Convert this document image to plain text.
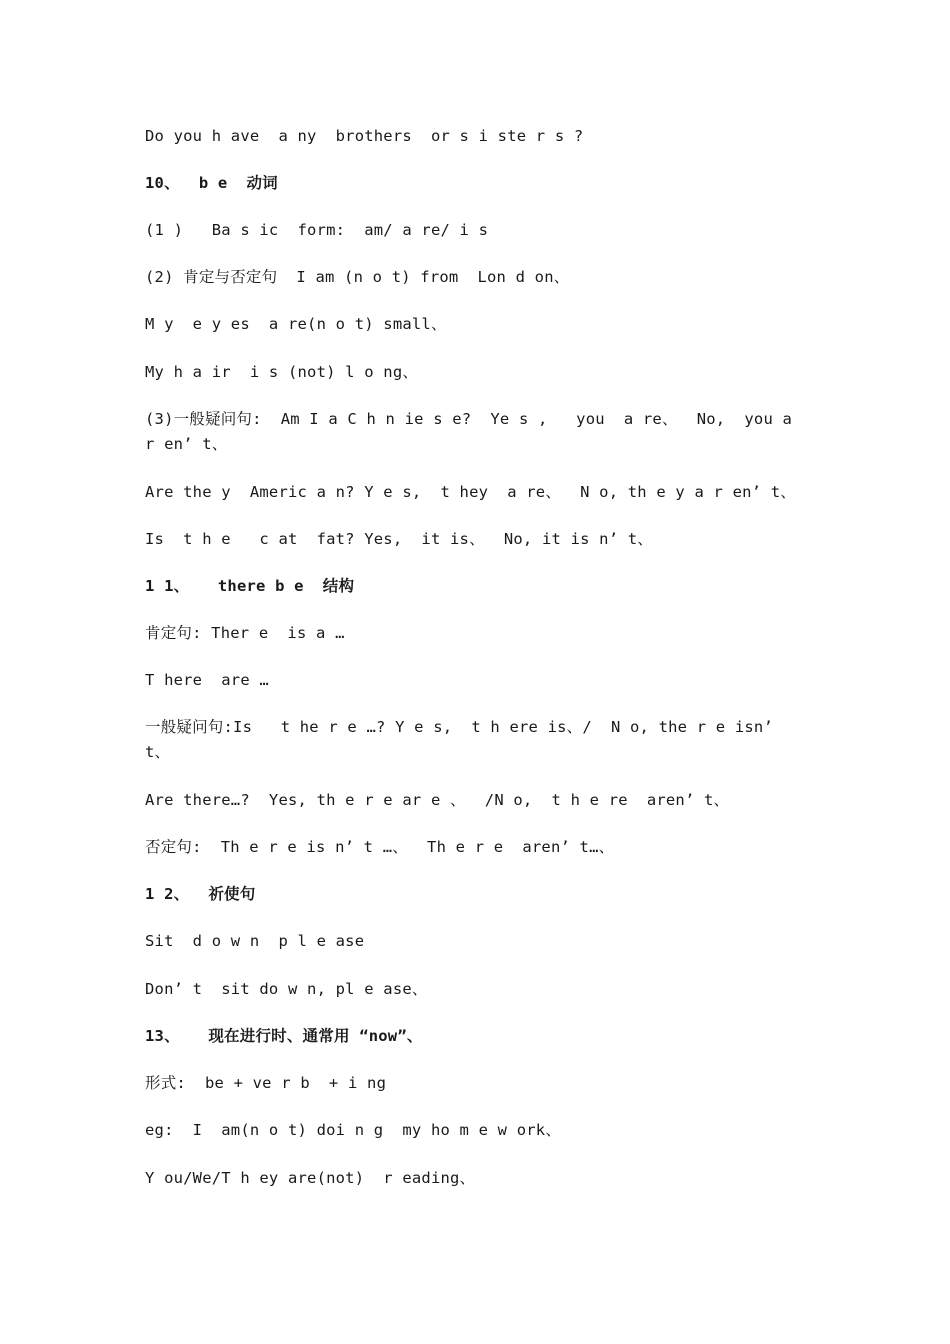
Do you h ave  a ny  brothers  or s i ste r s ?
10、  b e  动词
(1 )   Ba s ic  form:  am/ a re/ i s
(2) 肯定与否定句  I am (n o t) from  Lon d on、
M y  e y es  a re(n o t) small、
My h a ir  i s (not) l o ng、
(3)一般疑问句:  Am I a C h n ie s e?  Ye s ,   you  a re、  No,  you a r en’ t、
Are the y  Americ a n? Y e s,  t hey  a re、  N o, th e y a r en’ t、
Is  t h e   c at  fat? Yes,  it is、  No, it is n’ t、
1 1、   there b e  结构
肯定句: Ther e  is a …
T here  are …
一般疑问句:Is   t he r e …? Y e s,  t h ere is、/  N o, the r e isn’ t、
Are there…?  Yes, th e r e ar e 、  /N o,  t h e re  aren’ t、
否定句:  Th e r e is n’ t …、  Th e r e  aren’ t…、
1 2、  祈使句
Sit  d o w n  p l e ase
Don’ t  sit do w n, pl e ase、
13、   现在进行时、通常用 “now”、
形式:  be + ve r b  + i ng
eg:  I  am(n o t) doi n g  my ho m e w ork、
Y ou/We/T h ey are(not)  r eading、
